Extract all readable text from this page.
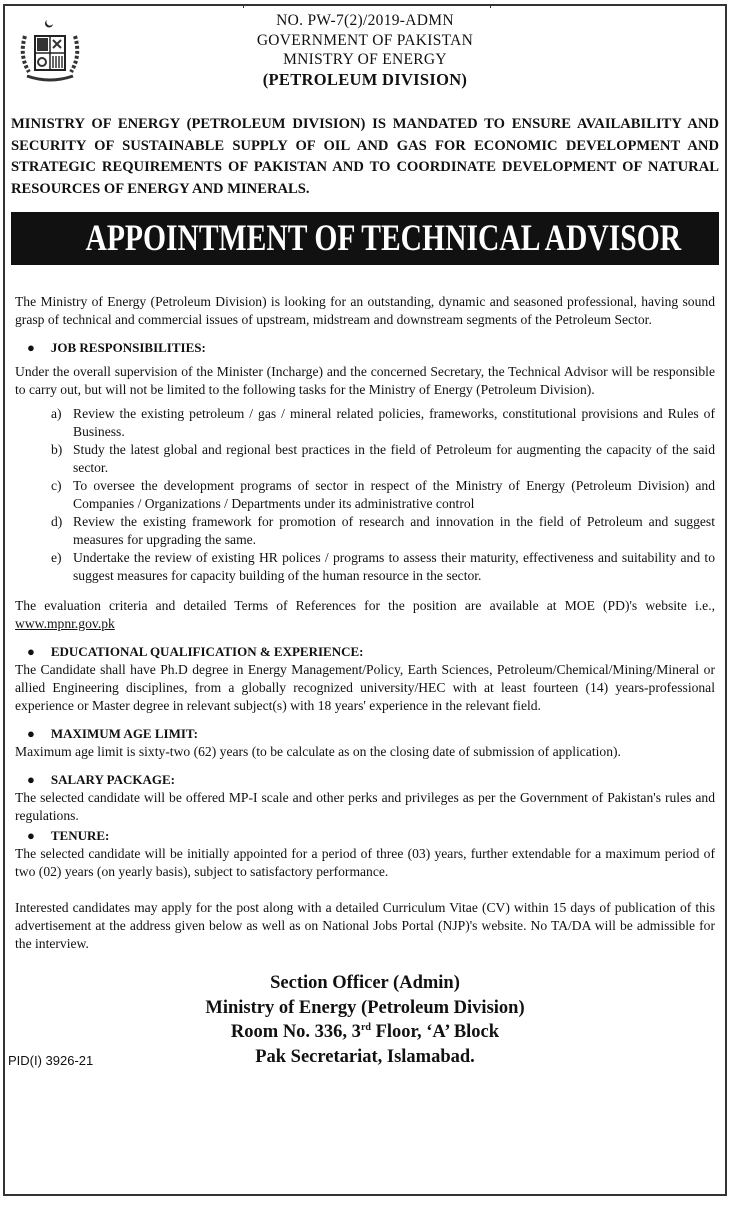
NO. PW-7(2)/2019-ADMN
GOVERNMENT OF PAKISTAN
MNISTRY OF ENERGY
(PETROLEUM DIVISION)
MINISTRY OF ENERGY (PETROLEUM DIVISION) IS MANDATED TO ENSURE AVAILABILITY AND SECURITY OF SUSTAINABLE SUPPLY OF OIL AND GAS FOR ECONOMIC DEVELOPMENT AND STRATEGIC REQUIREMENTS OF PAKISTAN AND TO COORDINATE DEVELOPMENT OF NATURAL RESOURCES OF ENERGY AND MINERALS.
APPOINTMENT OF TECHNICAL ADVISOR

The Ministry of Energy (Petroleum Division) is looking for an outstanding, dynamic and seasoned professional, having sound grasp of technical and commercial issues of upstream, midstream and downstream segments of the Petroleum Sector.

● JOB RESPONSIBILITIES:

Under the overall supervision of the Minister (Incharge) and the concerned Secretary, the Technical Advisor will be responsible to carry out, but will not be limited to the following tasks for the Ministry of Energy (Petroleum Division).

a) Review the existing petroleum / gas / mineral related policies, frameworks, constitutional provisions and Rules of Business.
b) Study the latest global and regional best practices in the field of Petroleum for augmenting the capacity of the said sector.
c) To oversee the development programs of sector in respect of the Ministry of Energy (Petroleum Division) and Companies / Organizations / Departments under its administrative control
d) Review the existing framework for promotion of research and innovation in the field of Petroleum and suggest measures for upgrading the same.
e) Undertake the review of existing HR polices / programs to assess their maturity, effectiveness and suitability and to suggest measures for capacity building of the human resource in the sector.

The evaluation criteria and detailed Terms of References for the position are available at MOE (PD)'s website i.e., www.mpnr.gov.pk

● EDUCATIONAL QUALIFICATION & EXPERIENCE:

The Candidate shall have Ph.D degree in Energy Management/Policy, Earth Sciences, Petroleum/Chemical/Mining/Mineral or allied Engineering disciplines, from a globally recognized university/HEC with at least fourteen (14) years-professional experience or Master degree in relevant subject(s) with 18 years' experience in the relevant field.

● MAXIMUM AGE LIMIT:

Maximum age limit is sixty-two (62) years (to be calculate as on the closing date of submission of application).

● SALARY PACKAGE:

The selected candidate will be offered MP-I scale and other perks and privileges as per the Government of Pakistan's rules and regulations.

● TENURE:

The selected candidate will be initially appointed for a period of three (03) years, further extendable for a maximum period of two (02) years (on yearly basis), subject to satisfactory performance.

Interested candidates may apply for the post along with a detailed Curriculum Vitae (CV) within 15 days of publication of this advertisement at the address given below as well as on National Jobs Portal (NJP)'s website. No TA/DA will be admissible for the interview.

Section Officer (Admin)
Ministry of Energy (Petroleum Division)
Room No. 336, 3rd Floor, ‘A’ Block
Pak Secretariat, Islamabad.
PID(I) 3926-21
